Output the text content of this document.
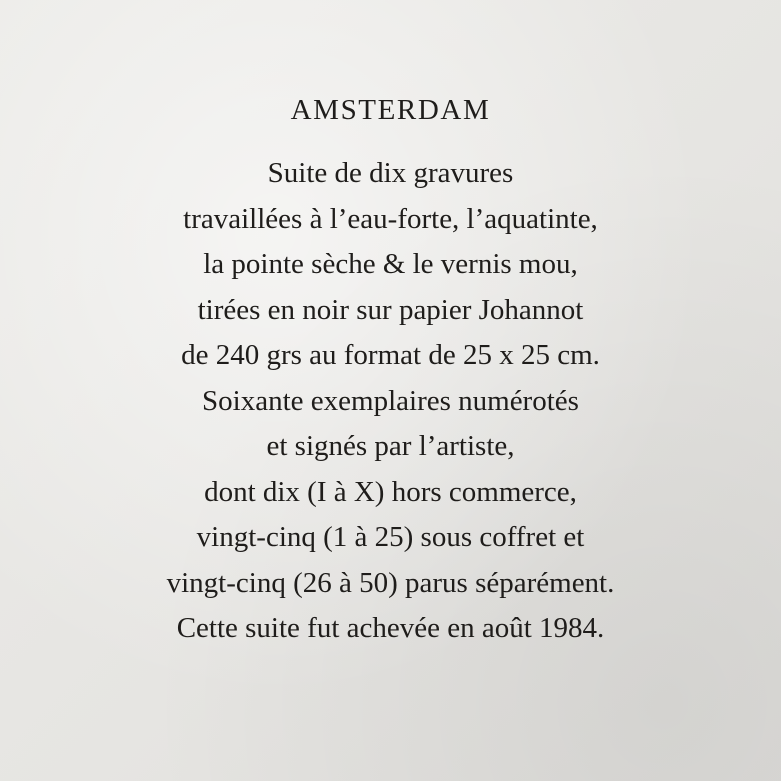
AMSTERDAM
Suite de dix gravures
travaillées à l’eau-forte, l’aquatinte,
la pointe sèche & le vernis mou,
tirées en noir sur papier Johannot
de 240 grs au format de 25 x 25 cm.
Soixante exemplaires numérotés
et signés par l’artiste,
dont dix (I à X) hors commerce,
vingt-cinq (1 à 25) sous coffret et
vingt-cinq (26 à 50) parus séparément.
Cette suite fut achevée en août 1984.
